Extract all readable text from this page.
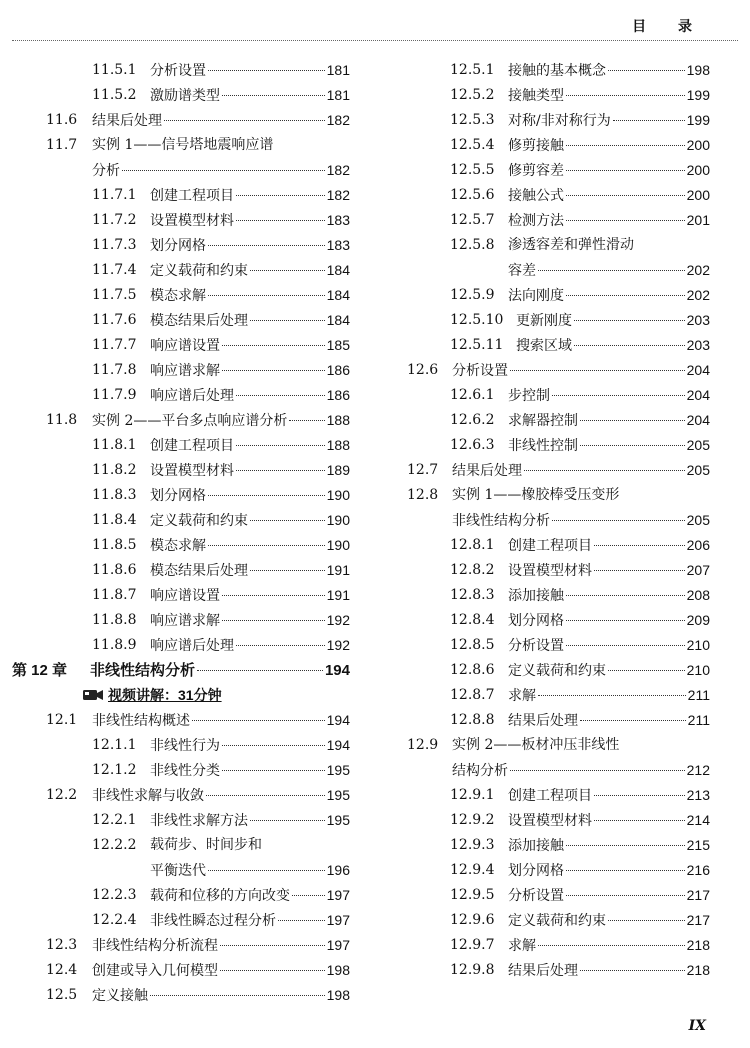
目 录
11.5.1 分析设置	181
11.5.2 激励谱类型	181
11.6 结果后处理	182
11.7 实例 1——信号塔地震响应谱
分析	182
11.7.1 创建工程项目	182
11.7.2 设置模型材料	183
11.7.3 划分网格	183
11.7.4 定义载荷和约束	184
11.7.5 模态求解	184
11.7.6 模态结果后处理	184
11.7.7 响应谱设置	185
11.7.8 响应谱求解	186
11.7.9 响应谱后处理	186
11.8 实例 2——平台多点响应谱分析	188
11.8.1 创建工程项目	188
11.8.2 设置模型材料	189
11.8.3 划分网格	190
11.8.4 定义载荷和约束	190
11.8.5 模态求解	190
11.8.6 模态结果后处理	191
11.8.7 响应谱设置	191
11.8.8 响应谱求解	192
11.8.9 响应谱后处理	192
第 12 章 非线性结构分析	194
视频讲解：31分钟
12.1 非线性结构概述	194
12.1.1 非线性行为	194
12.1.2 非线性分类	195
12.2 非线性求解与收敛	195
12.2.1 非线性求解方法	195
12.2.2 载荷步、时间步和
平衡迭代	196
12.2.3 载荷和位移的方向改变	197
12.2.4 非线性瞬态过程分析	197
12.3 非线性结构分析流程	197
12.4 创建或导入几何模型	198
12.5 定义接触	198
12.5.1 接触的基本概念	198
12.5.2 接触类型	199
12.5.3 对称/非对称行为	199
12.5.4 修剪接触	200
12.5.5 修剪容差	200
12.5.6 接触公式	200
12.5.7 检测方法	201
12.5.8 渗透容差和弹性滑动
容差	202
12.5.9 法向刚度	202
12.5.10 更新刚度	203
12.5.11 搜索区域	203
12.6 分析设置	204
12.6.1 步控制	204
12.6.2 求解器控制	204
12.6.3 非线性控制	205
12.7 结果后处理	205
12.8 实例 1——橡胶棒受压变形
非线性结构分析	205
12.8.1 创建工程项目	206
12.8.2 设置模型材料	207
12.8.3 添加接触	208
12.8.4 划分网格	209
12.8.5 分析设置	210
12.8.6 定义载荷和约束	210
12.8.7 求解	211
12.8.8 结果后处理	211
12.9 实例 2——板材冲压非线性
结构分析	212
12.9.1 创建工程项目	213
12.9.2 设置模型材料	214
12.9.3 添加接触	215
12.9.4 划分网格	216
12.9.5 分析设置	217
12.9.6 定义载荷和约束	217
12.9.7 求解	218
12.9.8 结果后处理	218
IX
